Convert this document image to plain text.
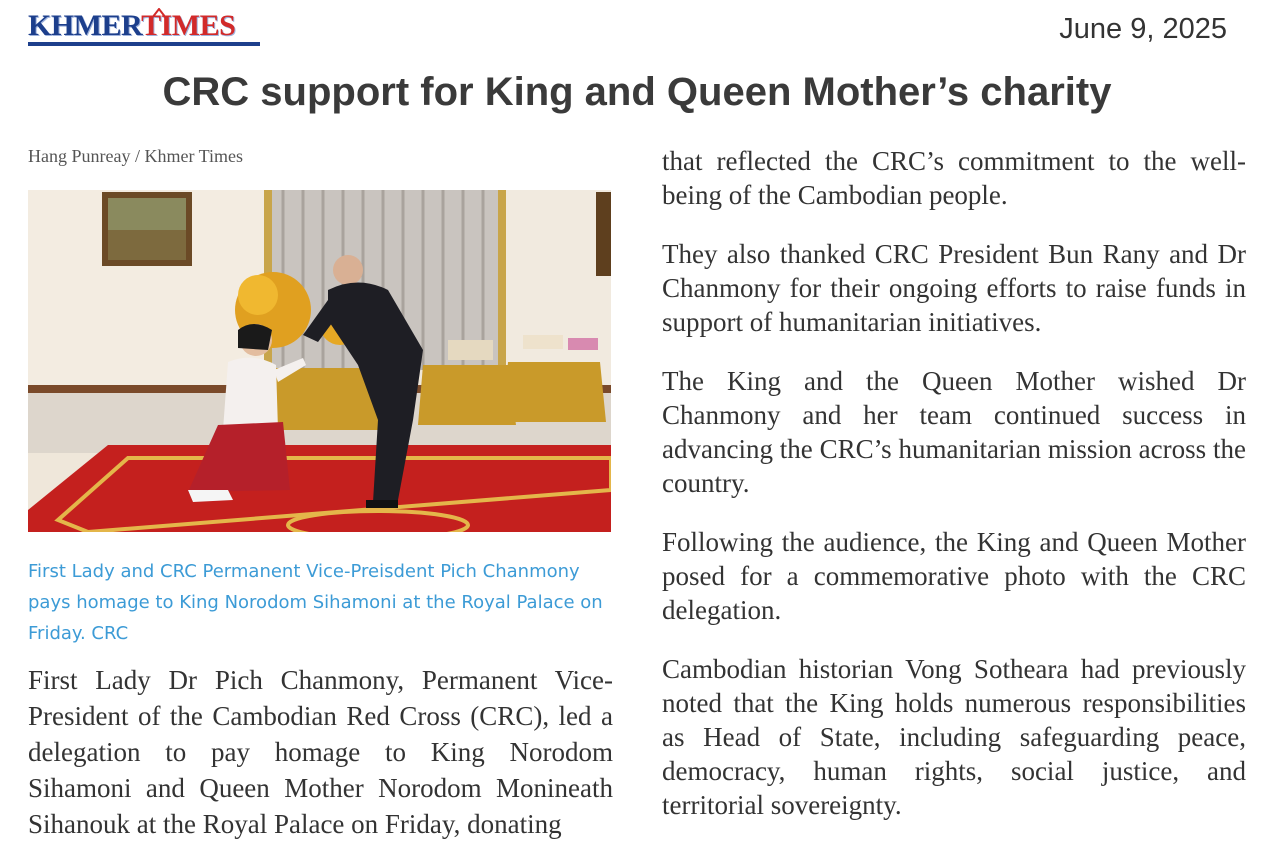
KHMERTIMES	June 9, 2025
CRC support for King and Queen Mother’s charity
Hang Punreay / Khmer Times
First Lady and CRC Permanent Vice-Preisdent Pich Chanmony pays homage to King Norodom Sihamoni at the Royal Palace on Friday. CRC

First Lady Dr Pich Chanmony, Permanent Vice-President of the Cambodian Red Cross (CRC), led a delegation to pay homage to King Norodom Sihamoni and Queen Mother Norodom Monineath Sihanouk at the Royal Palace on Friday, donating

that reflected the CRC’s commitment to the well-being of the Cambodian people.

They also thanked CRC President Bun Rany and Dr Chanmony for their ongoing efforts to raise funds in support of humanitarian initiatives.

The King and the Queen Mother wished Dr Chanmony and her team continued success in advancing the CRC’s humanitarian mission across the country.

Following the audience, the King and Queen Mother posed for a commemorative photo with the CRC delegation.

Cambodian historian Vong Sotheara had previously noted that the King holds numerous responsibilities as Head of State, including safeguarding peace, democracy, human rights, social justice, and territorial sovereignty.
